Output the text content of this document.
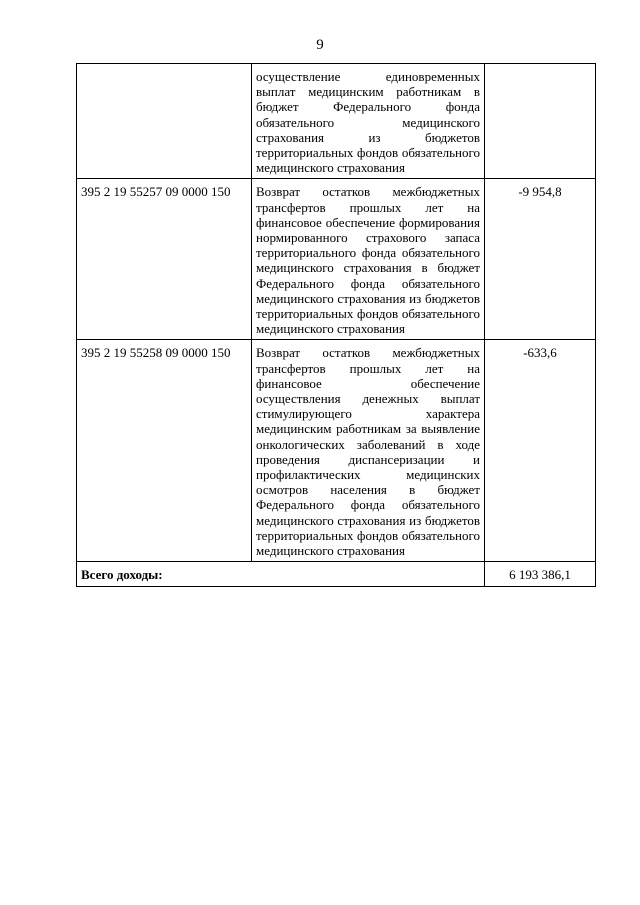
9
	осуществление единовременных выплат медицинским работникам в бюджет Федерального фонда обязательного медицинского страхования из бюджетов территориальных фондов обязательного медицинского страхования	
395 2 19 55257 09 0000 150	Возврат остатков межбюджетных трансфертов прошлых лет на финансовое обеспечение формирования нормированного страхового запаса территориального фонда обязательного медицинского страхования в бюджет Федерального фонда обязательного медицинского страхования из бюджетов территориальных фондов обязательного медицинского страхования	-9 954,8
395 2 19 55258 09 0000 150	Возврат остатков межбюджетных трансфертов прошлых лет на финансовое обеспечение осуществления денежных выплат стимулирующего характера медицинским работникам за выявление онкологических заболеваний в ходе проведения диспансеризации и профилактических медицинских осмотров населения в бюджет Федерального фонда обязательного медицинского страхования из бюджетов территориальных фондов обязательного медицинского страхования	-633,6
Всего доходы:		6 193 386,1
